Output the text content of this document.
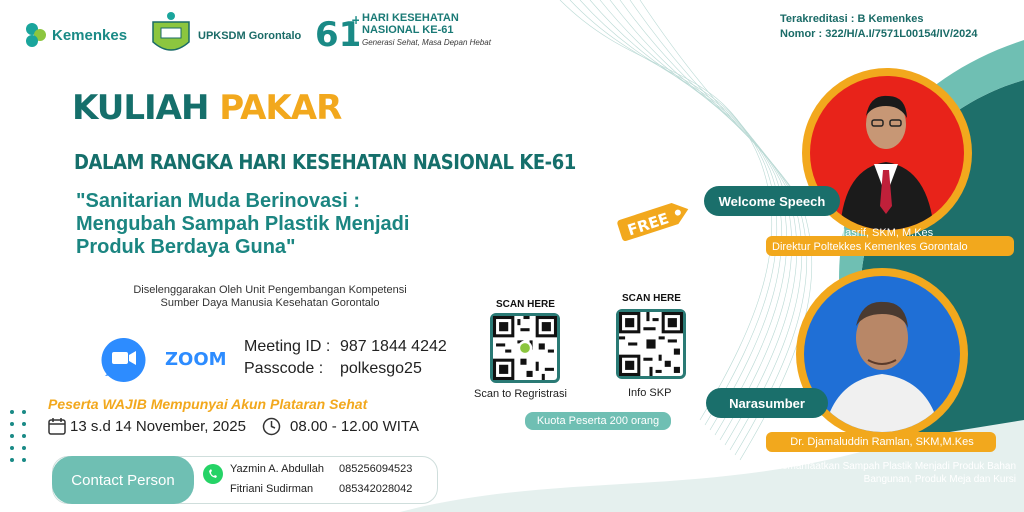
Kemenkes	UPKSDM Gorontalo 61
+ HARI KESEHATAN
NASIONAL KE-61
Generasi Sehat, Masa Depan Hebat
Terakreditasi : B Kemenkes
Nomor : 322/H/A.I/7571L00154/IV/2024
KULIAH PAKAR
DALAM RANGKA HARI KESEHATAN NASIONAL KE-61
"Sanitarian Muda Berinovasi :
Mengubah Sampah Plastik Menjadi
Produk Berdaya Guna"
Diselenggarakan Oleh Unit Pengembangan Kompetensi
Sumber Daya Manusia Kesehatan Gorontalo
ZOOM
Meeting ID : 987 1844 4242
Passcode : polkesgo25
Peserta WAJIB Mempunyai Akun Plataran Sehat
13 s.d 14 November, 2025	08.00 - 12.00 WITA
Contact Person
Yazmin A. Abdullah
Fitriani Sudirman
085256094523
085342028042
SCAN HERE
Scan to Regristrasi
SCAN HERE
Info SKP
Kuota Peserta 200 orang
FREE
Welcome Speech
Masrif, SKM, M.Kes
Direktur Poltekkes Kemenkes Gorontalo
Narasumber
Dr. Djamaluddin Ramlan, SKM,M.Kes
Memanfaatkan Sampah Plastik Menjadi Produk Bahan
Bangunan, Produk Meja dan Kursi
